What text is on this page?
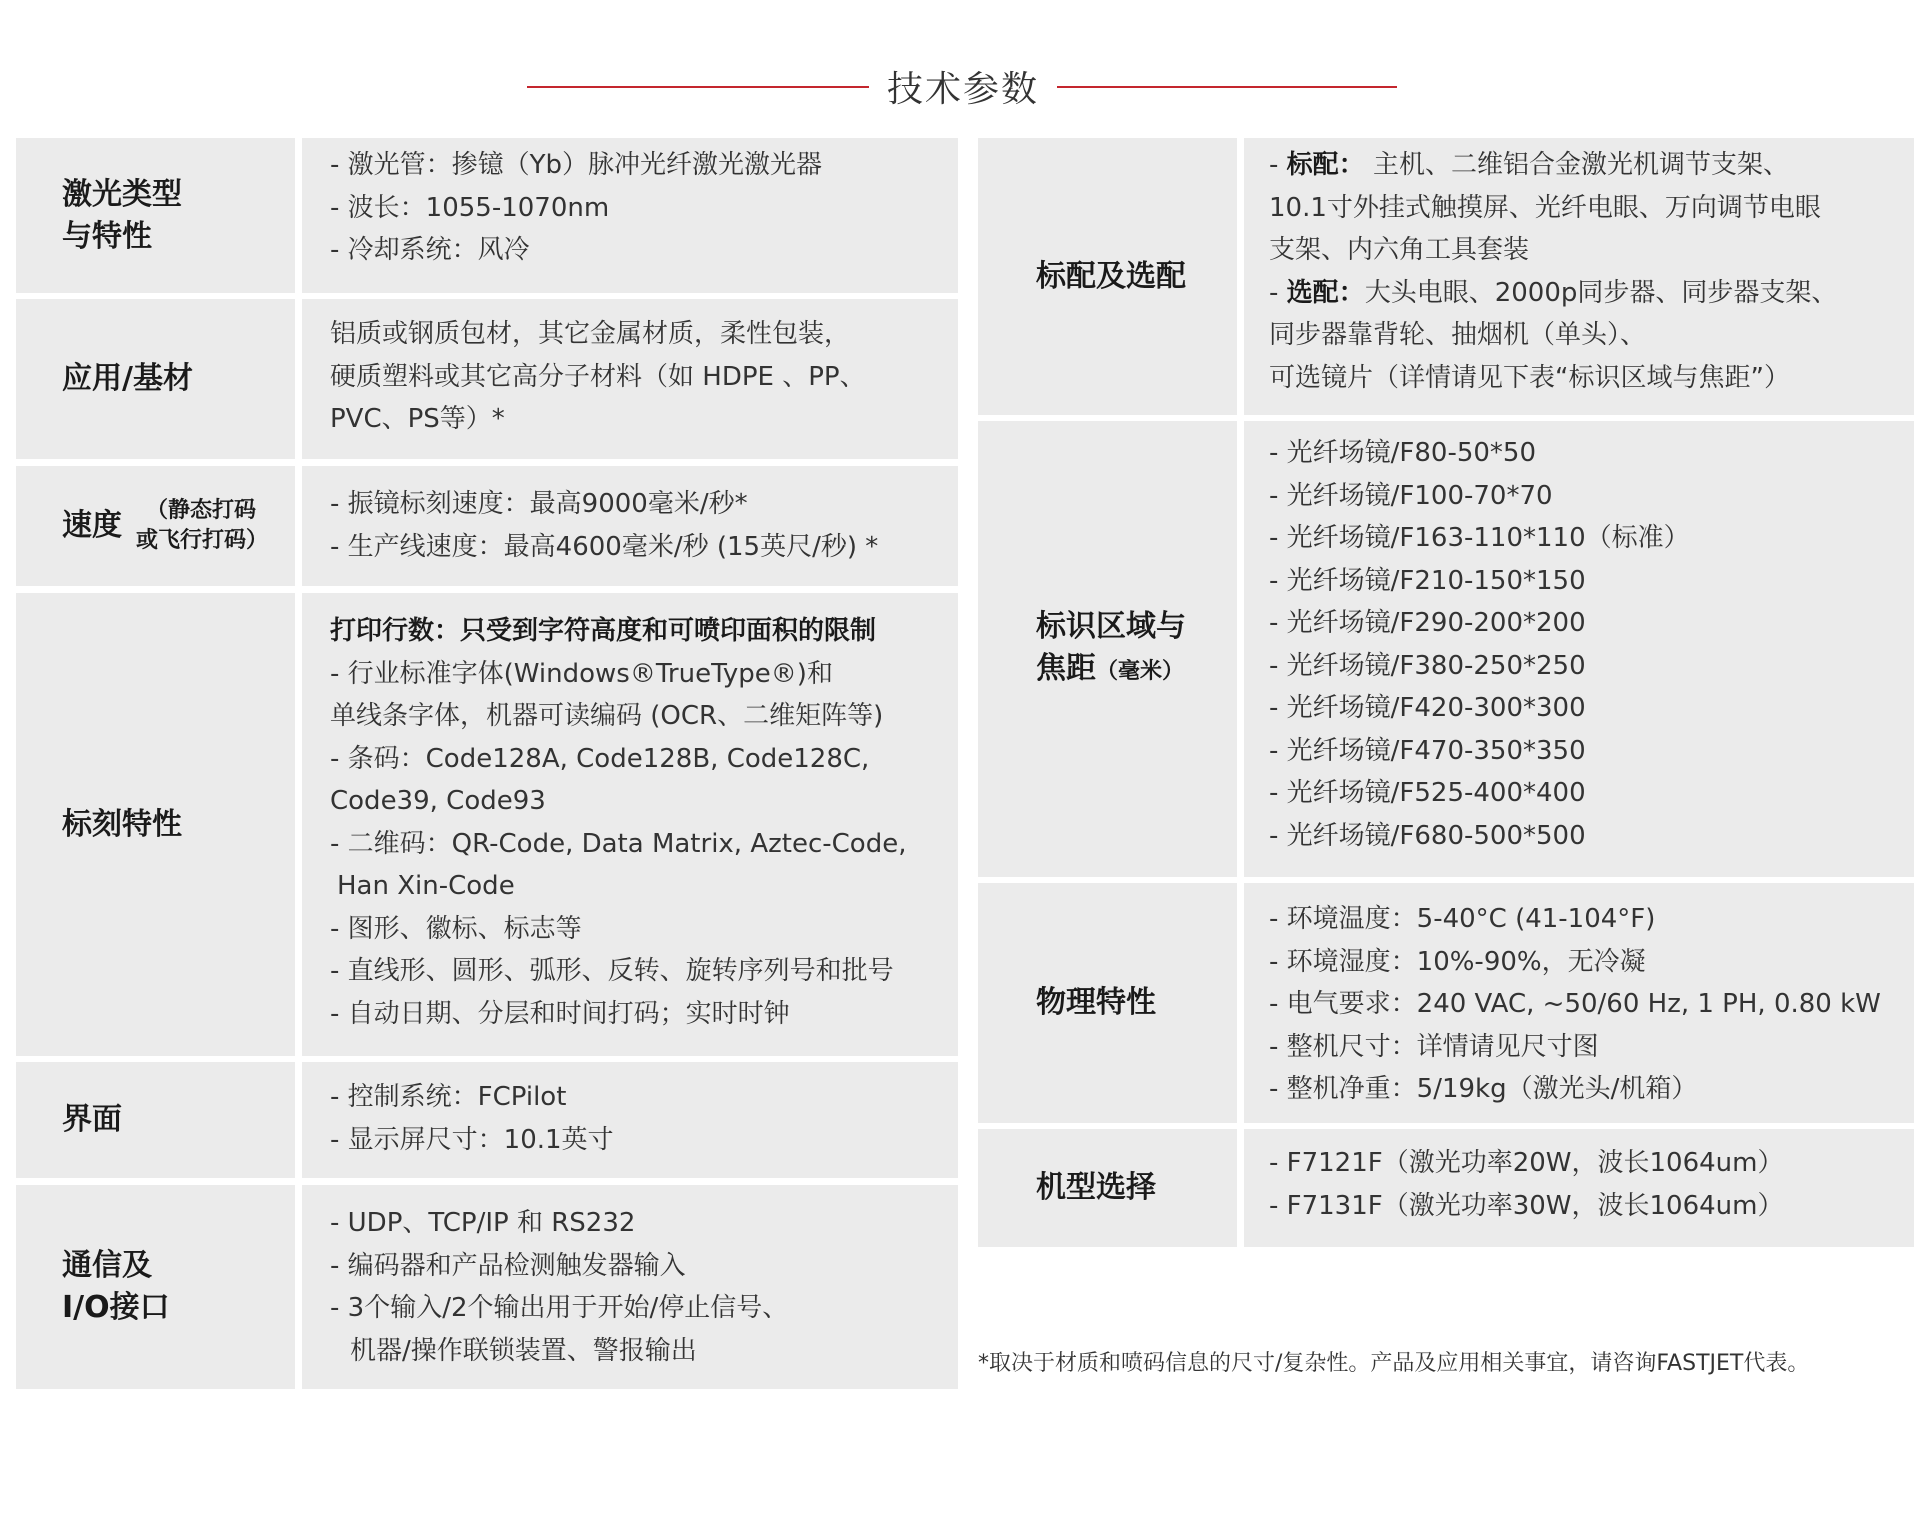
技术参数
激光类型
与特性
- 激光管：掺镱（Yb）脉冲光纤激光激光器
- 波长：1055-1070nm
- 冷却系统：风冷
应用/基材
铝质或钢质包材，其它金属材质，柔性包装，
硬质塑料或其它高分子材料（如 HDPE 、PP、
PVC、PS等）*
速度	（静态打码
或飞行打码）
- 振镜标刻速度：最高9000毫米/秒*
- 生产线速度：最高4600毫米/秒 (15英尺/秒) *
标刻特性
打印行数：只受到字符高度和可喷印面积的限制
- 行业标准字体(Windows®TrueType®)和
单线条字体，机器可读编码 (OCR、二维矩阵等)
- 条码：Code128A, Code128B, Code128C,
Code39, Code93
- 二维码：QR-Code, Data Matrix, Aztec-Code,
Han Xin-Code
- 图形、徽标、标志等
- 直线形、圆形、弧形、反转、旋转序列号和批号
- 自动日期、分层和时间打码；实时时钟
界面
- 控制系统：FCPilot
- 显示屏尺寸：10.1英寸
通信及
I/O接口
- UDP、TCP/IP 和 RS232
- 编码器和产品检测触发器输入
- 3个输入/2个输出用于开始/停止信号、
机器/操作联锁装置、警报输出
标配及选配
- 标配： 主机、二维铝合金激光机调节支架、
10.1寸外挂式触摸屏、光纤电眼、万向调节电眼
支架、内六角工具套装
- 选配：大头电眼、2000p同步器、同步器支架、
同步器靠背轮、抽烟机（单头）、
可选镜片（详情请见下表“标识区域与焦距”）
标识区域与
焦距（毫米）
- 光纤场镜/F80-50*50
- 光纤场镜/F100-70*70
- 光纤场镜/F163-110*110（标准）
- 光纤场镜/F210-150*150
- 光纤场镜/F290-200*200
- 光纤场镜/F380-250*250
- 光纤场镜/F420-300*300
- 光纤场镜/F470-350*350
- 光纤场镜/F525-400*400
- 光纤场镜/F680-500*500
物理特性
- 环境温度：5-40°C (41-104°F)
- 环境湿度：10%-90%，无冷凝
- 电气要求：240 VAC, ~50/60 Hz, 1 PH, 0.80 kW
- 整机尺寸：详情请见尺寸图
- 整机净重：5/19kg（激光头/机箱）
机型选择
- F7121F（激光功率20W，波长1064um）
- F7131F（激光功率30W，波长1064um）
*取决于材质和喷码信息的尺寸/复杂性。产品及应用相关事宜，请咨询FASTJET代表。
